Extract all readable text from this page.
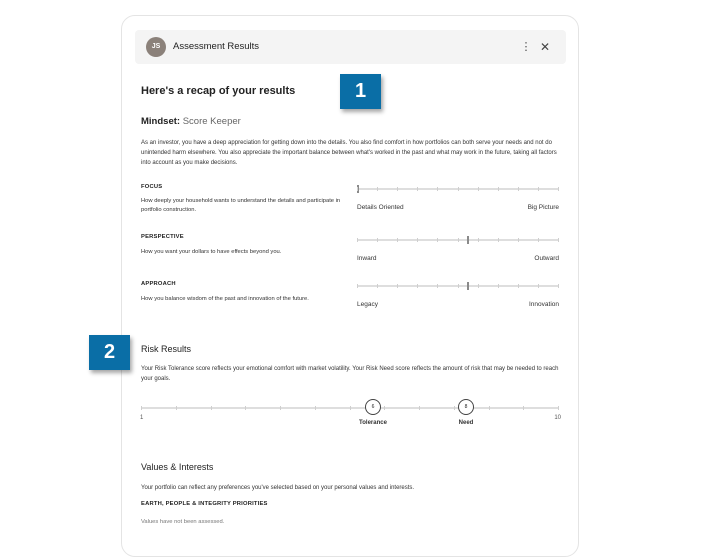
JS	Assessment Results	⋮ ✕
Here's a recap of your results
Mindset: Score Keeper
As an investor, you have a deep appreciation for getting down into the details. You also find comfort in how portfolios can both serve your needs and not do unintended harm elsewhere. You also appreciate the important balance between what's worked in the past and what may work in the future, taking all factors into account as you make decisions.
FOCUS
How deeply your household wants to understand the details and participate in portfolio construction.	Details Oriented	Big Picture
PERSPECTIVE
How you want your dollars to have effects beyond you.
Inward	Outward
APPROACH
How you balance wisdom of the past and innovation of the future.
Legacy	Innovation
Risk Results
Your Risk Tolerance score reflects your emotional comfort with market volatility. Your Risk Need score reflects the amount of risk that may be needed to reach your goals.
1	10
6
Tolerance
8
Need
Values & Interests
Your portfolio can reflect any preferences you've selected based on your personal values and interests.
EARTH, PEOPLE & INTEGRITY PRIORITIES
Values have not been assessed.
1
2
